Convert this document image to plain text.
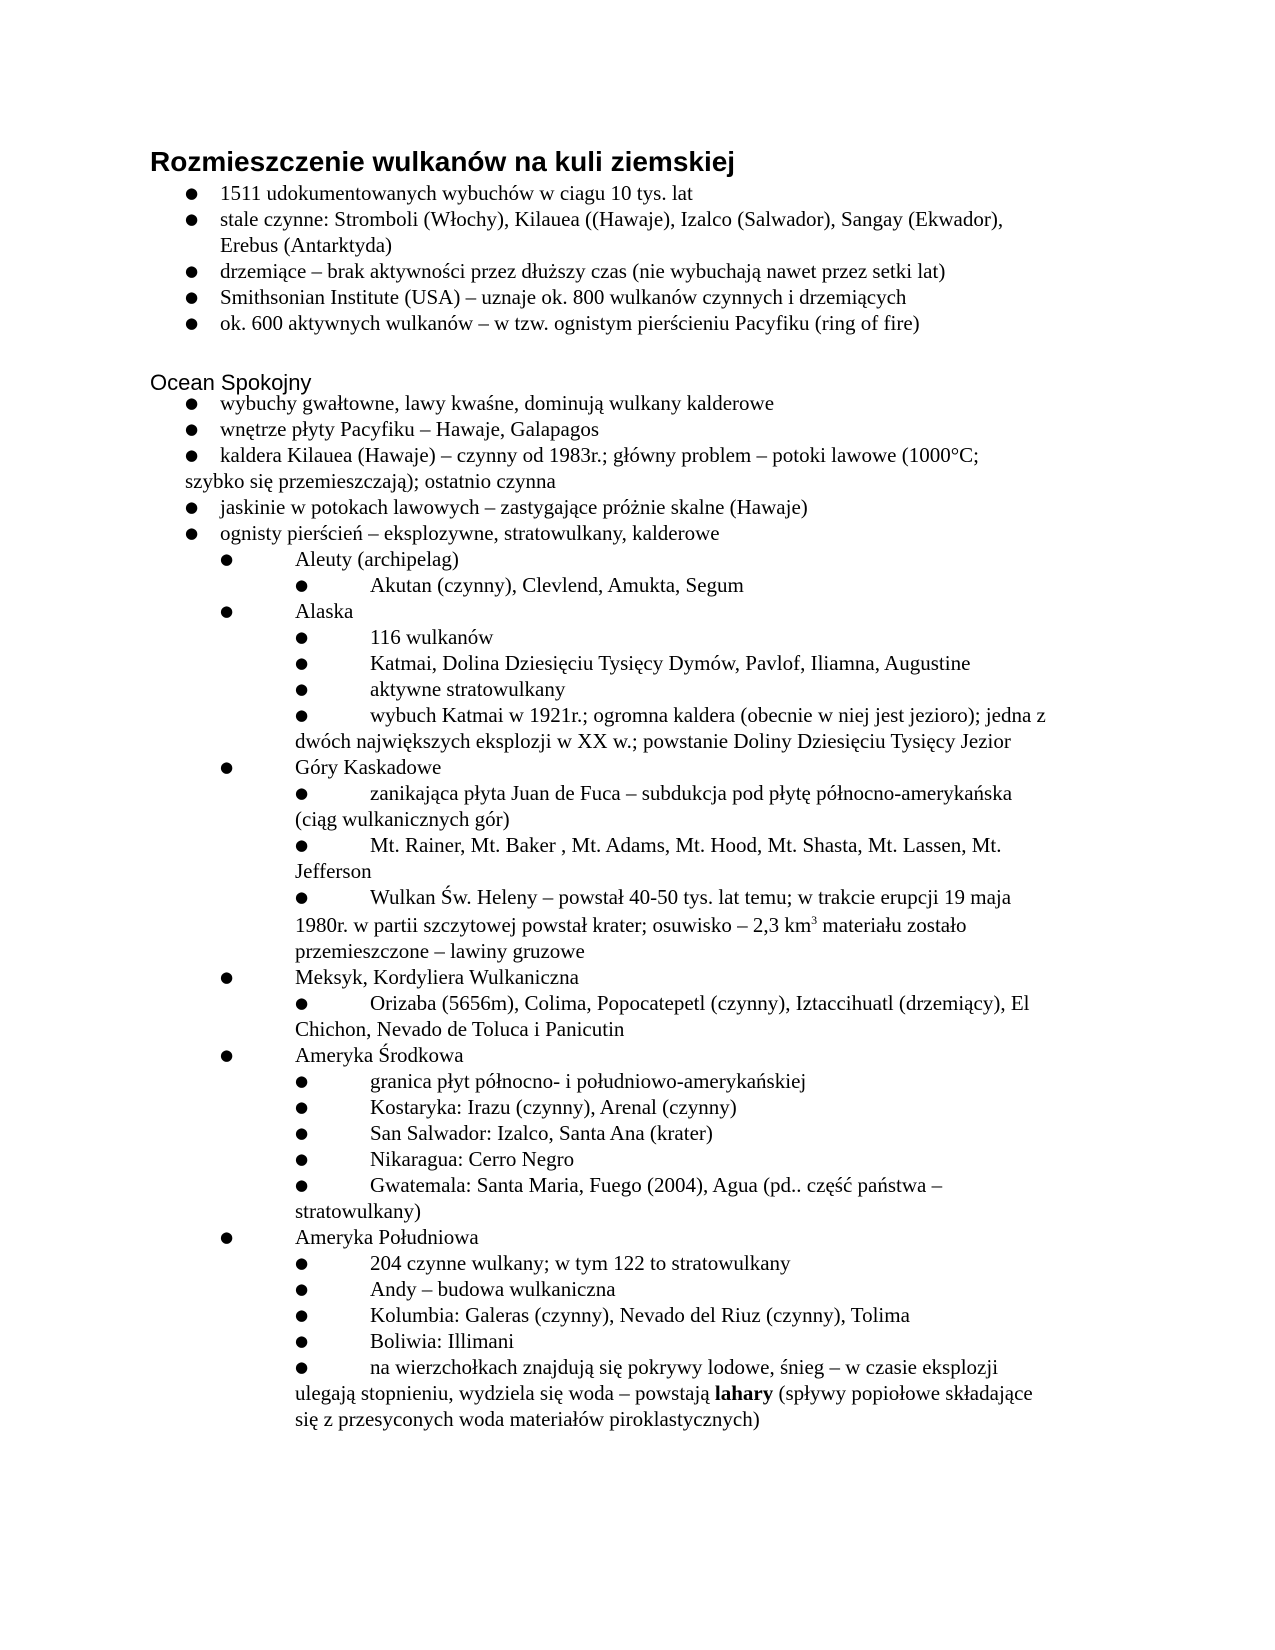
Rozmieszczenie wulkanów na kuli ziemskiej
● 1511 udokumentowanych wybuchów w ciagu 10 tys. lat
● stale czynne: Stromboli (Włochy), Kilauea ((Hawaje), Izalco (Salwador), Sangay (Ekwador),
Erebus (Antarktyda)
● drzemiące – brak aktywności przez dłuższy czas (nie wybuchają nawet przez setki lat)
● Smithsonian Institute (USA) – uznaje ok. 800 wulkanów czynnych i drzemiących
● ok. 600 aktywnych wulkanów – w tzw. ognistym pierścieniu Pacyfiku (ring of fire)
Ocean Spokojny
● wybuchy gwałtowne, lawy kwaśne, dominują wulkany kalderowe
● wnętrze płyty Pacyfiku – Hawaje, Galapagos
● kaldera Kilauea (Hawaje) – czynny od 1983r.; główny problem – potoki lawowe (1000°C;
szybko się przemieszczają); ostatnio czynna
● jaskinie w potokach lawowych – zastygające próżnie skalne (Hawaje)
● ognisty pierścień – eksplozywne, stratowulkany, kalderowe
●	Aleuty (archipelag)
●	Akutan (czynny), Clevlend, Amukta, Segum
●	Alaska
●	116 wulkanów
●	Katmai, Dolina Dziesięciu Tysięcy Dymów, Pavlof, Iliamna, Augustine
●	aktywne stratowulkany
●	wybuch Katmai w 1921r.; ogromna kaldera (obecnie w niej jest jezioro); jedna z
dwóch największych eksplozji w XX w.; powstanie Doliny Dziesięciu Tysięcy Jezior
●	Góry Kaskadowe
●	zanikająca płyta Juan de Fuca – subdukcja pod płytę północno-amerykańska
(ciąg wulkanicznych gór)
●	Mt. Rainer, Mt. Baker , Mt. Adams, Mt. Hood, Mt. Shasta, Mt. Lassen, Mt.
Jefferson
●	Wulkan Św. Heleny – powstał 40-50 tys. lat temu; w trakcie erupcji 19 maja
1980r. w partii szczytowej powstał krater; osuwisko – 2,3 $km^3$ materiału zostało
przemieszczone – lawiny gruzowe
●	Meksyk, Kordyliera Wulkaniczna
●	Orizaba (5656m), Colima, Popocatepetl (czynny), Iztaccihuatl (drzemiący), El
Chichon, Nevado de Toluca i Panicutin
●	Ameryka Środkowa
●	granica płyt północno- i południowo-amerykańskiej
●	Kostaryka: Irazu (czynny), Arenal (czynny)
●	San Salwador: Izalco, Santa Ana (krater)
●	Nikaragua: Cerro Negro
●	Gwatemala: Santa Maria, Fuego (2004), Agua (pd.. część państwa –
stratowulkany)
●	Ameryka Południowa
●	204 czynne wulkany; w tym 122 to stratowulkany
●	Andy – budowa wulkaniczna
●	Kolumbia: Galeras (czynny), Nevado del Riuz (czynny), Tolima
●	Boliwia: Illimani
●	na wierzchołkach znajdują się pokrywy lodowe, śnieg – w czasie eksplozji
ulegają stopnieniu, wydziela się woda – powstają lahary (spływy popiołowe składające
się z przesyconych woda materiałów piroklastycznych)
